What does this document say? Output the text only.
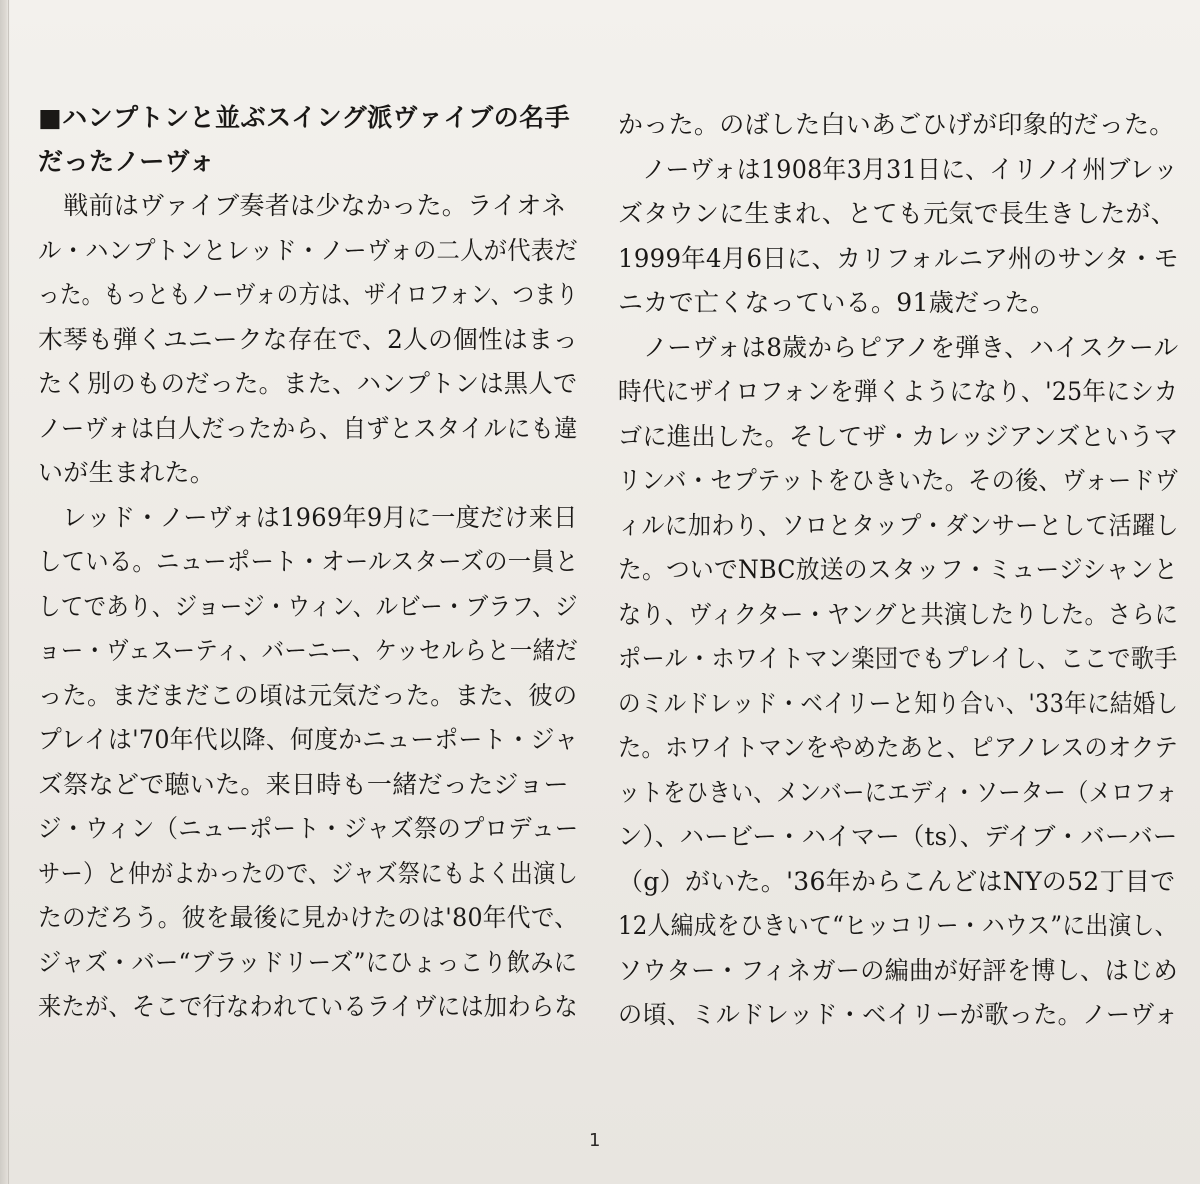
■ハンプトンと並ぶスイング派ヴァイブの名手
だったノーヴォ
　戦前はヴァイブ奏者は少なかった。ライオネ
ル・ハンプトンとレッド・ノーヴォの二人が代表だ
った。もっともノーヴォの方は、ザイロフォン、つまり
木琴も弾くユニークな存在で、2人の個性はまっ
たく別のものだった。また、ハンプトンは黒人で
ノーヴォは白人だったから、自ずとスタイルにも違
いが生まれた。
　レッド・ノーヴォは1969年9月に一度だけ来日
している。ニューポート・オールスターズの一員と
してであり、ジョージ・ウィン、ルビー・ブラフ、ジ
ョー・ヴェスーティ、バーニー、ケッセルらと一緒だ
った。まだまだこの頃は元気だった。また、彼の
プレイは'70年代以降、何度かニューポート・ジャ
ズ祭などで聴いた。来日時も一緒だったジョー
ジ・ウィン（ニューポート・ジャズ祭のプロデュー
サー）と仲がよかったので、ジャズ祭にもよく出演し
たのだろう。彼を最後に見かけたのは'80年代で、
ジャズ・バー“ブラッドリーズ”にひょっこり飲みに
来たが、そこで行なわれているライヴには加わらな
かった。のばした白いあごひげが印象的だった。
　ノーヴォは1908年3月31日に、イリノイ州ブレッ
ズタウンに生まれ、とても元気で長生きしたが、
1999年4月6日に、カリフォルニア州のサンタ・モ
ニカで亡くなっている。91歳だった。
　ノーヴォは8歳からピアノを弾き、ハイスクール
時代にザイロフォンを弾くようになり、'25年にシカ
ゴに進出した。そしてザ・カレッジアンズというマ
リンバ・セプテットをひきいた。その後、ヴォードヴ
ィルに加わり、ソロとタップ・ダンサーとして活躍し
た。ついでNBC放送のスタッフ・ミュージシャンと
なり、ヴィクター・ヤングと共演したりした。さらに
ポール・ホワイトマン楽団でもプレイし、ここで歌手
のミルドレッド・ベイリーと知り合い、'33年に結婚し
た。ホワイトマンをやめたあと、ピアノレスのオクテ
ットをひきい、メンバーにエディ・ソーター（メロフォ
ン）、ハービー・ハイマー（ts）、デイブ・バーバー
（g）がいた。'36年からこんどはNYの52丁目で
12人編成をひきいて“ヒッコリー・ハウス”に出演し、
ソウター・フィネガーの編曲が好評を博し、はじめ
の頃、ミルドレッド・ベイリーが歌った。ノーヴォ
1
